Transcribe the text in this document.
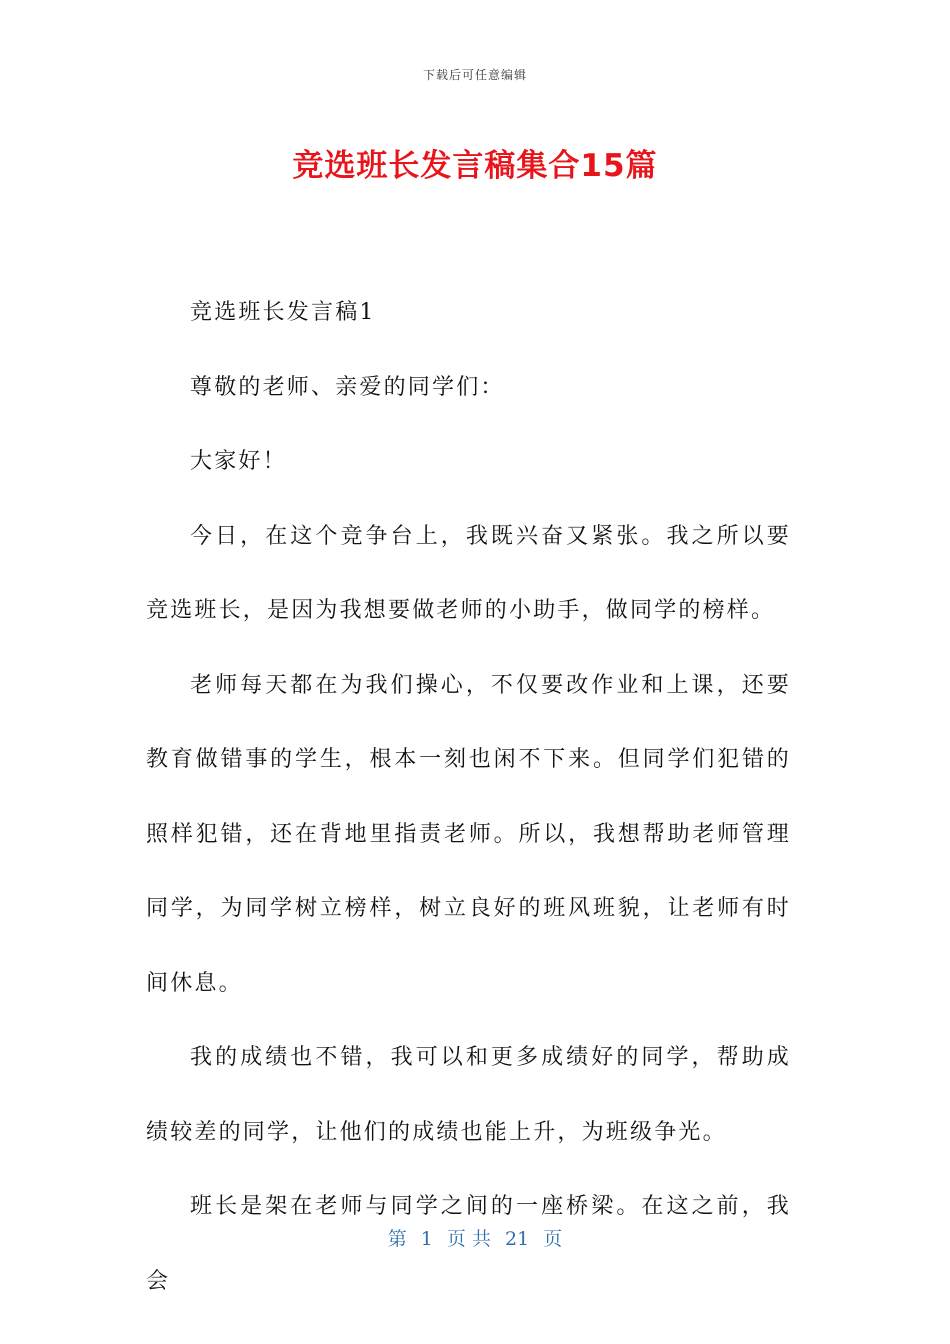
下载后可任意编辑
竞选班长发言稿集合15篇

竞选班长发言稿1

尊敬的老师、亲爱的同学们：

大家好！

今日，在这个竞争台上，我既兴奋又紧张。我之所以要竞选班长，是因为我想要做老师的小助手，做同学的榜样。

老师每天都在为我们操心，不仅要改作业和上课，还要教育做错事的学生，根本一刻也闲不下来。但同学们犯错的照样犯错，还在背地里指责老师。所以，我想帮助老师管理同学，为同学树立榜样，树立良好的班风班貌，让老师有时间休息。

我的成绩也不错，我可以和更多成绩好的同学，帮助成绩较差的同学，让他们的成绩也能上升，为班级争光。

班长是架在老师与同学之间的一座桥梁。在这之前，我会

第 1 页 共 21 页
